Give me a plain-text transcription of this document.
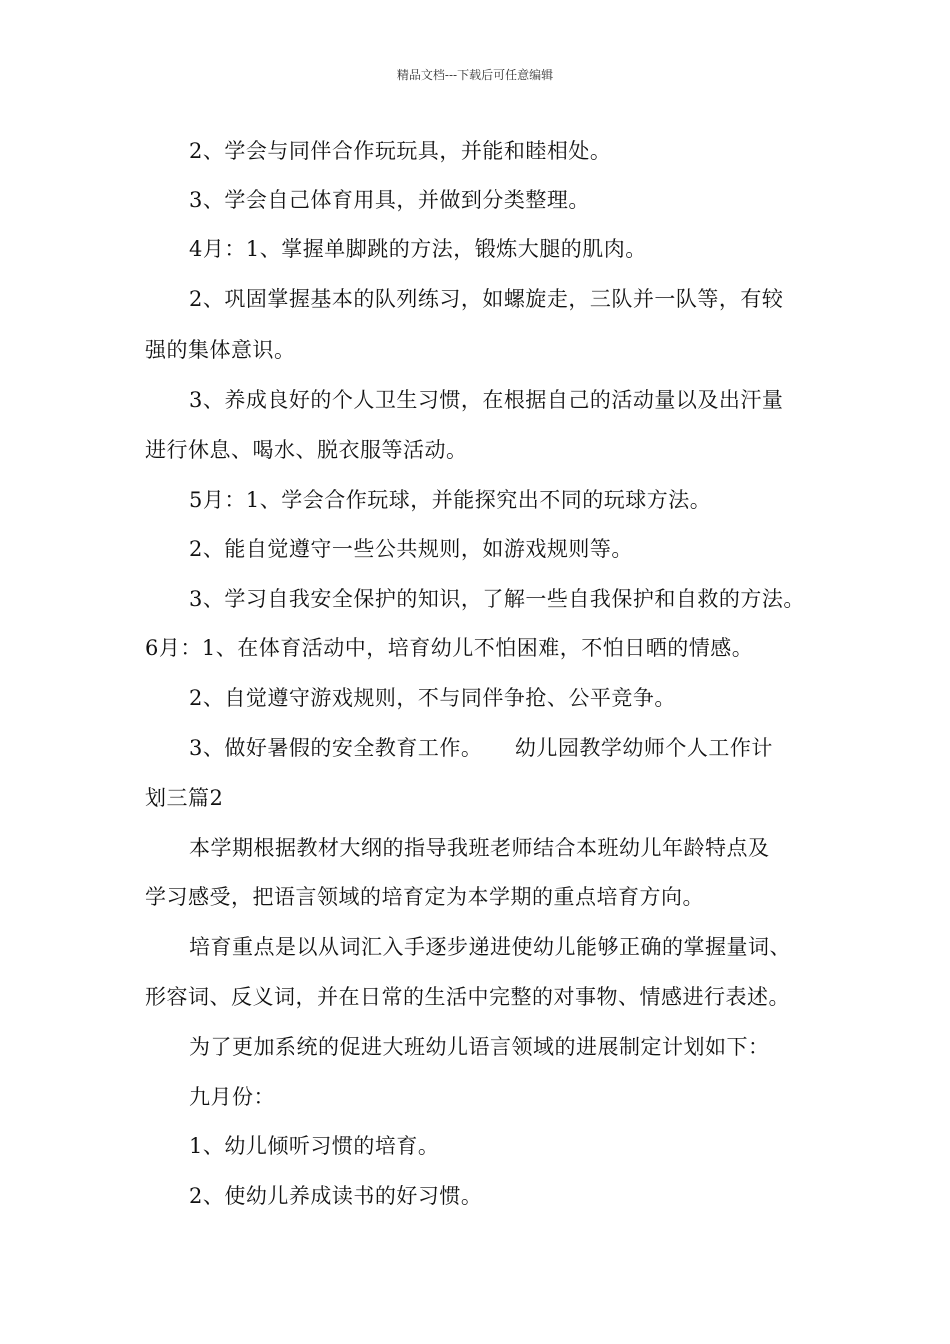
精品文档---下载后可任意编辑
2、学会与同伴合作玩玩具，并能和睦相处。
3、学会自己体育用具，并做到分类整理。
4月：1、掌握单脚跳的方法，锻炼大腿的肌肉。
2、巩固掌握基本的队列练习，如螺旋走，三队并一队等，有较
强的集体意识。
3、养成良好的个人卫生习惯，在根据自己的活动量以及出汗量
进行休息、喝水、脱衣服等活动。
5月：1、学会合作玩球，并能探究出不同的玩球方法。
2、能自觉遵守一些公共规则，如游戏规则等。
3、学习自我安全保护的知识，了解一些自我保护和自救的方法。
6月：1、在体育活动中，培育幼儿不怕困难，不怕日晒的情感。
2、自觉遵守游戏规则，不与同伴争抢、公平竞争。
3、做好暑假的安全教育工作。　　幼儿园教学幼师个人工作计
划三篇2
本学期根据教材大纲的指导我班老师结合本班幼儿年龄特点及
学习感受，把语言领域的培育定为本学期的重点培育方向。
培育重点是以从词汇入手逐步递进使幼儿能够正确的掌握量词、
形容词、反义词，并在日常的生活中完整的对事物、情感进行表述。
为了更加系统的促进大班幼儿语言领域的进展制定计划如下：
九月份：
1、幼儿倾听习惯的培育。
2、使幼儿养成读书的好习惯。
